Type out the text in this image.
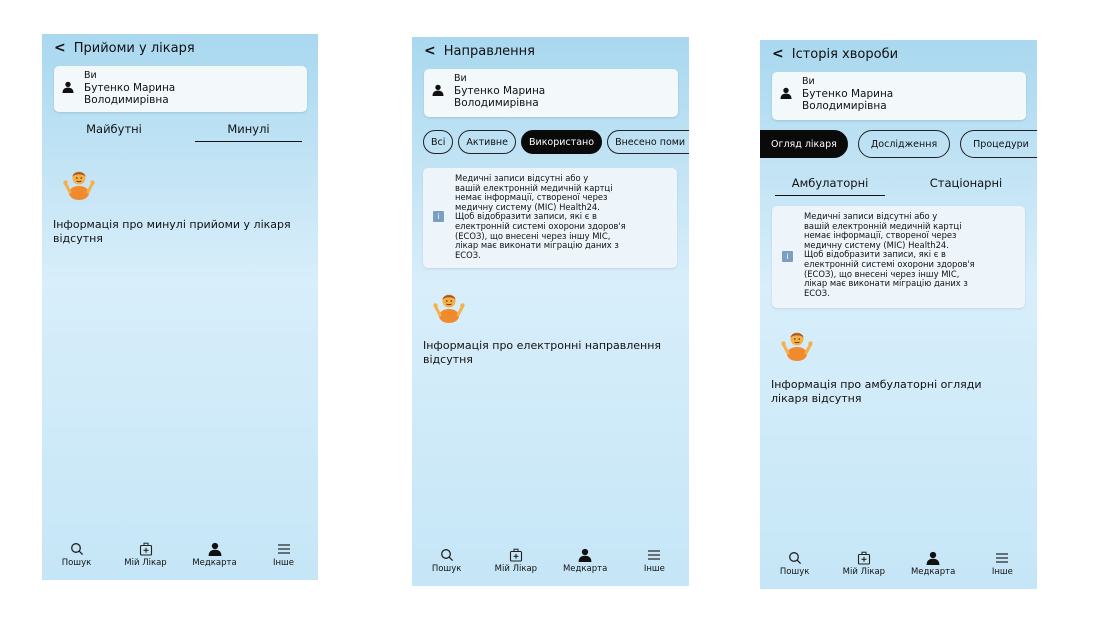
< Прийоми у лікаря
Ви
Бутенко Марина
Володимирівна
Майбутні	Минулі
Інформація про минулі прийоми у лікаря
відсутня
Пошук	Мій Лікар	Медкарта	Інше
< Направлення
Ви
Бутенко Марина
Володимирівна
Всі	Активне	Використано	Внесено поми
i
Медичні записи відсутні або у
вашій електронній медичній картці
немає інформації, створеної через
медичну систему (МІС) Health24.
Щоб відобразити записи, які є в
електронній системі охорони здоров'я
(ЕСОЗ), що внесені через іншу МІС,
лікар має виконати міграцію даних з
ЕСОЗ.
Інформація про електронні направлення
відсутня
Пошук	Мій Лікар	Медкарта	Інше
< Історія хвороби
Ви
Бутенко Марина
Володимирівна
Огляд лікаря	Дослідження	Процедури
Амбулаторні	Стаціонарні
i
Медичні записи відсутні або у
вашій електронній медичній картці
немає інформації, створеної через
медичну систему (МІС) Health24.
Щоб відобразити записи, які є в
електронній системі охорони здоров'я
(ЕСОЗ), що внесені через іншу МІС,
лікар має виконати міграцію даних з
ЕСОЗ.
Інформація про амбулаторні огляди
лікаря відсутня
Пошук	Мій Лікар	Медкарта	Інше
